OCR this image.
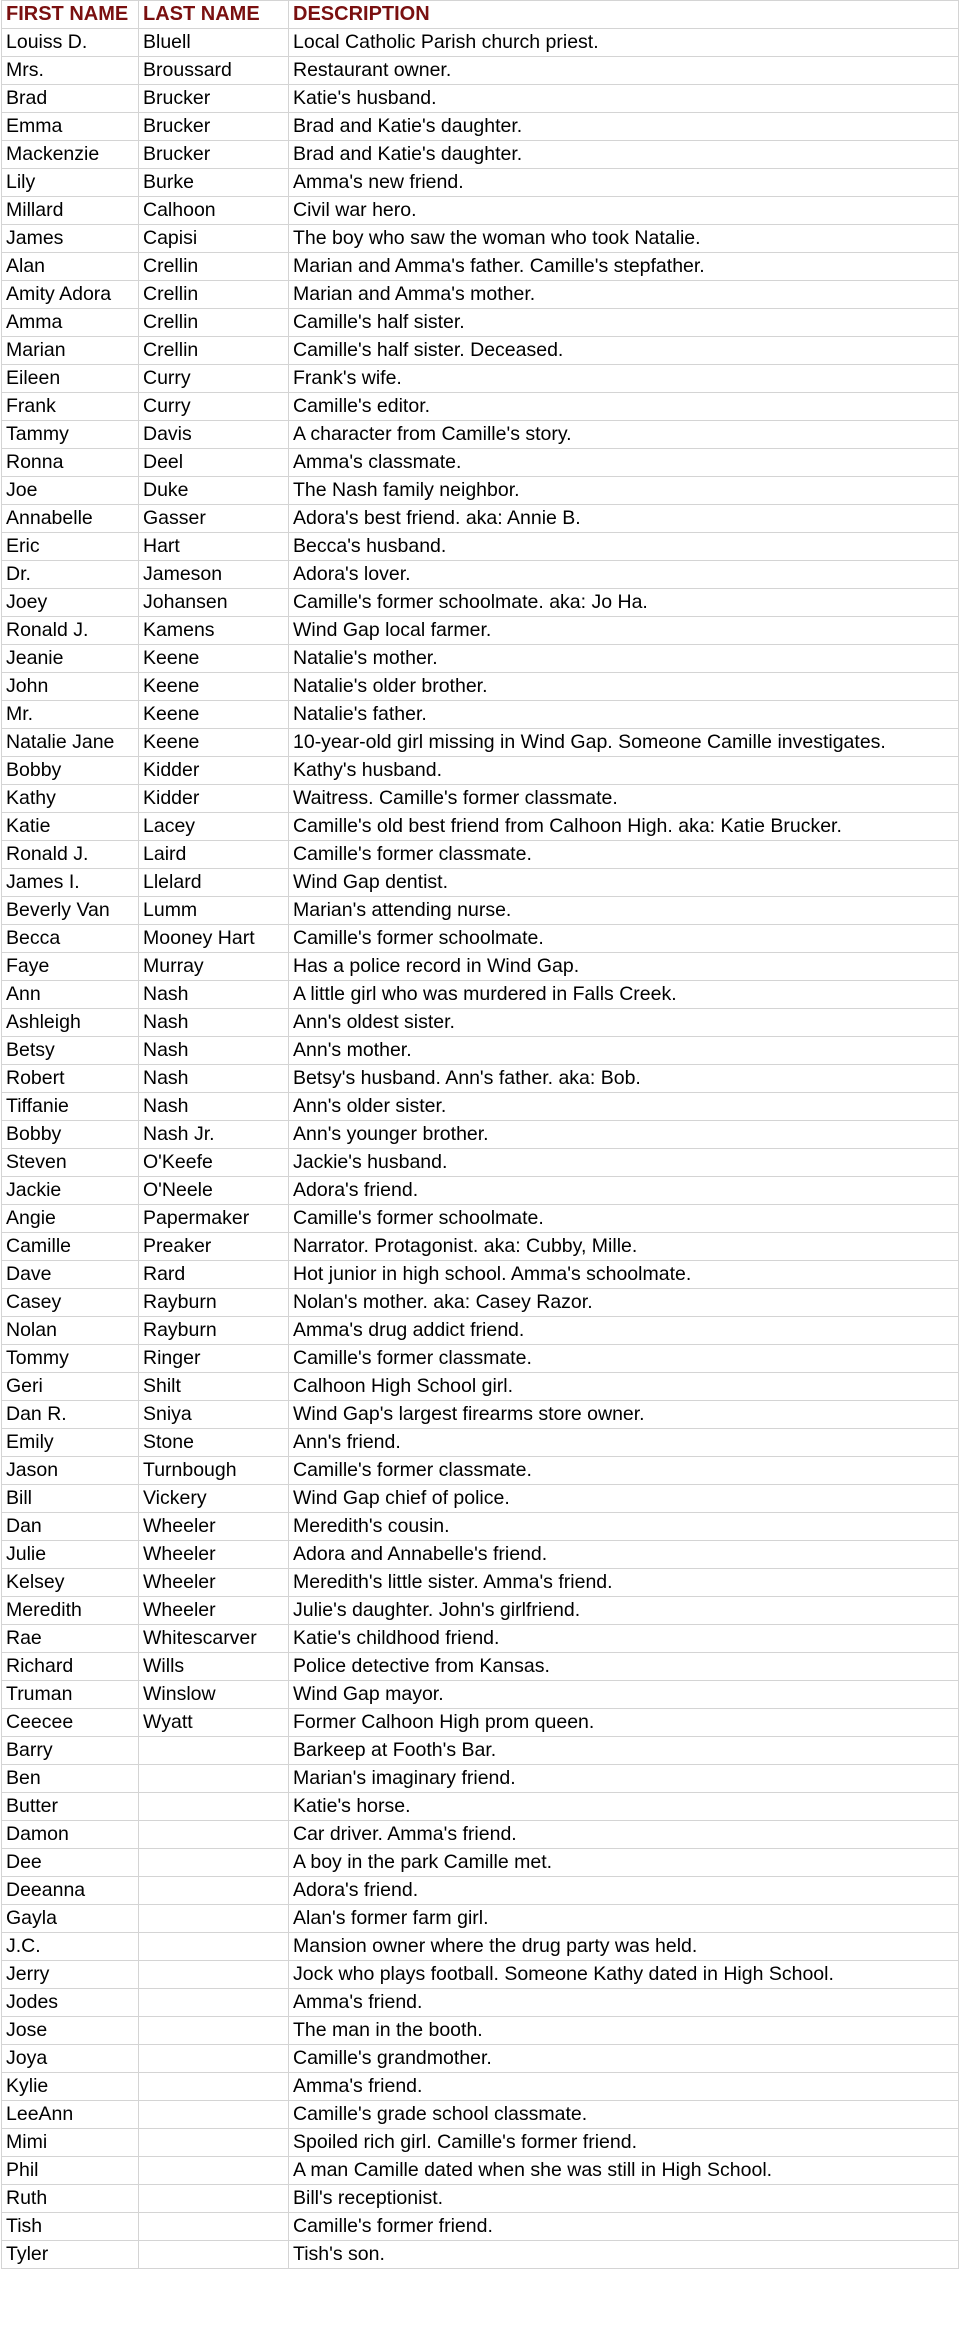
FIRST NAME	LAST NAME	DESCRIPTION
Louiss D.	Bluell	Local Catholic Parish church priest.
Mrs.	Broussard	Restaurant owner.
Brad	Brucker	Katie's husband.
Emma	Brucker	Brad and Katie's daughter.
Mackenzie	Brucker	Brad and Katie's daughter.
Lily	Burke	Amma's new friend.
Millard	Calhoon	Civil war hero.
James	Capisi	The boy who saw the woman who took Natalie.
Alan	Crellin	Marian and Amma's father. Camille's stepfather.
Amity Adora	Crellin	Marian and Amma's mother.
Amma	Crellin	Camille's half sister.
Marian	Crellin	Camille's half sister. Deceased.
Eileen	Curry	Frank's wife.
Frank	Curry	Camille's editor.
Tammy	Davis	A character from Camille's story.
Ronna	Deel	Amma's classmate.
Joe	Duke	The Nash family neighbor.
Annabelle	Gasser	Adora's best friend. aka: Annie B.
Eric	Hart	Becca's husband.
Dr.	Jameson	Adora's lover.
Joey	Johansen	Camille's former schoolmate. aka: Jo Ha.
Ronald J.	Kamens	Wind Gap local farmer.
Jeanie	Keene	Natalie's mother.
John	Keene	Natalie's older brother.
Mr.	Keene	Natalie's father.
Natalie Jane	Keene	10-year-old girl missing in Wind Gap. Someone Camille investigates.
Bobby	Kidder	Kathy's husband.
Kathy	Kidder	Waitress. Camille's former classmate.
Katie	Lacey	Camille's old best friend from Calhoon High. aka: Katie Brucker.
Ronald J.	Laird	Camille's former classmate.
James I.	Llelard	Wind Gap dentist.
Beverly Van	Lumm	Marian's attending nurse.
Becca	Mooney Hart	Camille's former schoolmate.
Faye	Murray	Has a police record in Wind Gap.
Ann	Nash	A little girl who was murdered in Falls Creek.
Ashleigh	Nash	Ann's oldest sister.
Betsy	Nash	Ann's mother.
Robert	Nash	Betsy's husband. Ann's father. aka: Bob.
Tiffanie	Nash	Ann's older sister.
Bobby	Nash Jr.	Ann's younger brother.
Steven	O'Keefe	Jackie's husband.
Jackie	O'Neele	Adora's friend.
Angie	Papermaker	Camille's former schoolmate.
Camille	Preaker	Narrator. Protagonist. aka: Cubby, Mille.
Dave	Rard	Hot junior in high school. Amma's schoolmate.
Casey	Rayburn	Nolan's mother. aka: Casey Razor.
Nolan	Rayburn	Amma's drug addict friend.
Tommy	Ringer	Camille's former classmate.
Geri	Shilt	Calhoon High School girl.
Dan R.	Sniya	Wind Gap's largest firearms store owner.
Emily	Stone	Ann's friend.
Jason	Turnbough	Camille's former classmate.
Bill	Vickery	Wind Gap chief of police.
Dan	Wheeler	Meredith's cousin.
Julie	Wheeler	Adora and Annabelle's friend.
Kelsey	Wheeler	Meredith's little sister. Amma's friend.
Meredith	Wheeler	Julie's daughter. John's girlfriend.
Rae	Whitescarver	Katie's childhood friend.
Richard	Wills	Police detective from Kansas.
Truman	Winslow	Wind Gap mayor.
Ceecee	Wyatt	Former Calhoon High prom queen.
Barry		Barkeep at Footh's Bar.
Ben		Marian's imaginary friend.
Butter		Katie's horse.
Damon		Car driver. Amma's friend.
Dee		A boy in the park Camille met.
Deeanna		Adora's friend.
Gayla		Alan's former farm girl.
J.C.		Mansion owner where the drug party was held.
Jerry		Jock who plays football. Someone Kathy dated in High School.
Jodes		Amma's friend.
Jose		The man in the booth.
Joya		Camille's grandmother.
Kylie		Amma's friend.
LeeAnn		Camille's grade school classmate.
Mimi		Spoiled rich girl. Camille's former friend.
Phil		A man Camille dated when she was still in High School.
Ruth		Bill's receptionist.
Tish		Camille's former friend.
Tyler		Tish's son.
